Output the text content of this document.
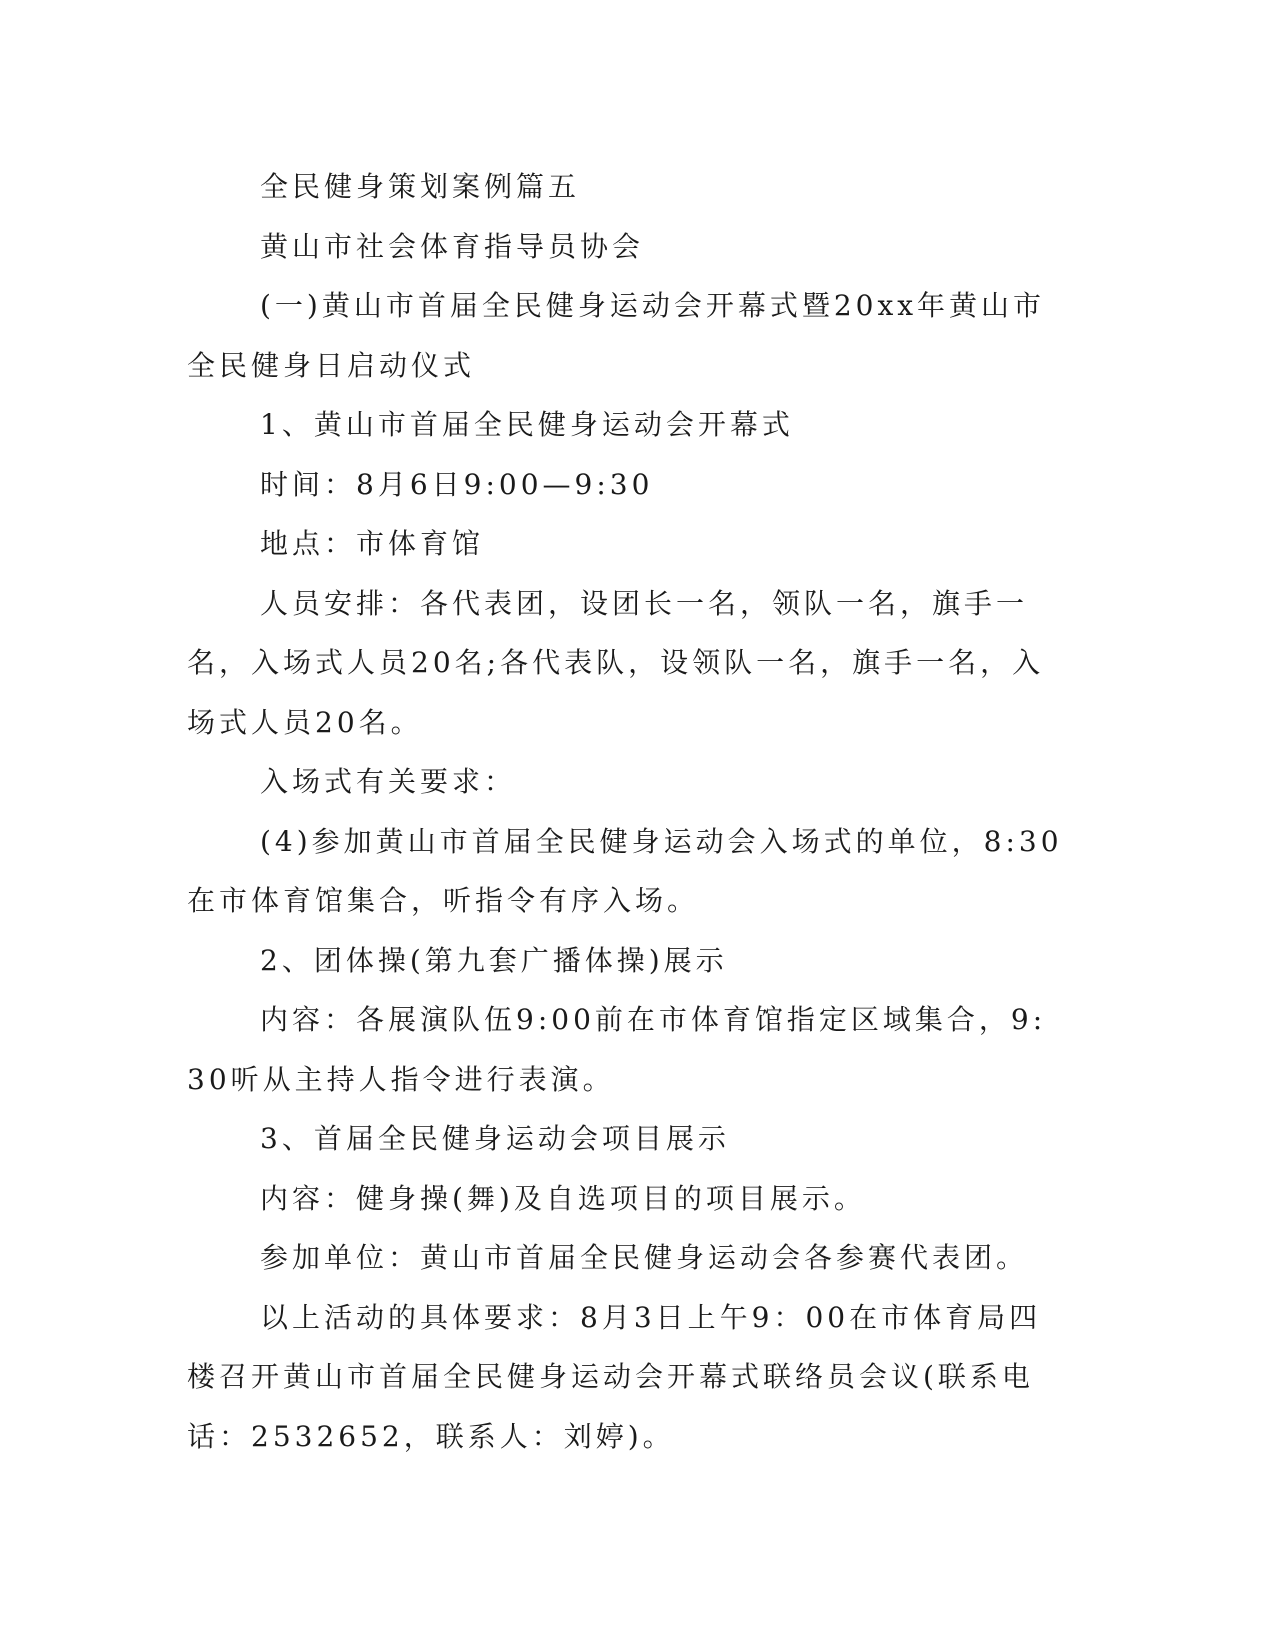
全民健身策划案例篇五

黄山市社会体育指导员协会

(一)黄山市首届全民健身运动会开幕式暨20xx年黄山市全民健身日启动仪式

1、黄山市首届全民健身运动会开幕式

时间：8月6日9:00—9:30

地点：市体育馆

人员安排：各代表团，设团长一名，领队一名，旗手一名，入场式人员20名;各代表队，设领队一名，旗手一名，入场式人员20名。

入场式有关要求：

(4)参加黄山市首届全民健身运动会入场式的单位，8:30在市体育馆集合，听指令有序入场。

2、团体操(第九套广播体操)展示

内容：各展演队伍9:00前在市体育馆指定区域集合，9:30听从主持人指令进行表演。

3、首届全民健身运动会项目展示

内容：健身操(舞)及自选项目的项目展示。

参加单位：黄山市首届全民健身运动会各参赛代表团。

以上活动的具体要求：8月3日上午9：00在市体育局四楼召开黄山市首届全民健身运动会开幕式联络员会议(联系电话：2532652，联系人：刘婷)。
